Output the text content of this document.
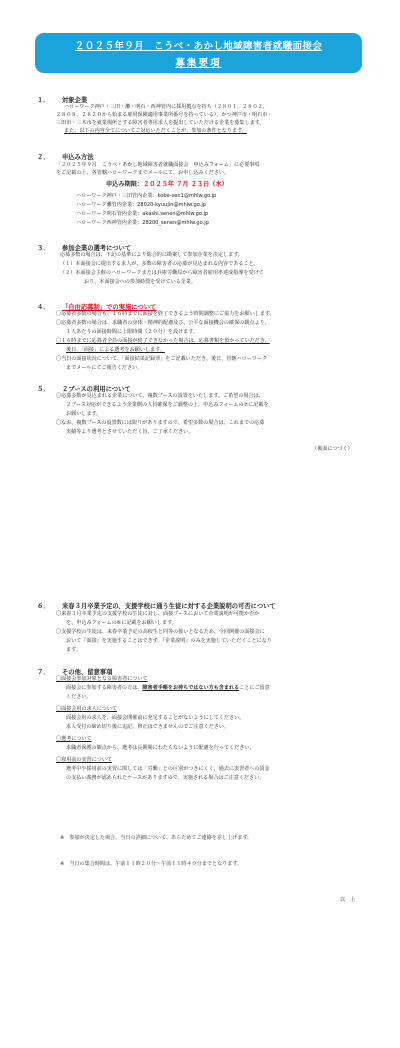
２０２５年９月　こうべ・あかし地域障害者就職面接会
募集要項
１． 対象企業
ハローワーク神戸・三田・灘・明石・西神管内に採用拠点を持ち（２８０１、２８０２、
２８０８、２８２０から始まる雇用保険適用事業所番号を持っている）、かつ神戸市・明石市・
三田市・三木市を就業場所とする障害者専用求人を提出していただける企業を募集します。
また、以下の内容全てについてご対応いただくことが、参加の条件となります。
２． 申込み方法
「２０２５年９月　こうべ・あかし地域障害者就職面接会　申込みフォーム」に必要事項
をご記載の上、各管轄ハローワークまでメールにて、お申し込みください。
申込み期限：２０２５年 ７月 ２３日（水）
ハローワーク神戸・三田管内企業：kobe-sen1@mhlw.go.jp
ハローワーク灘管内企業：28020-kyuujin@mhlw.go.jp
ハローワーク明石管内企業：akashi.senen@mhlw.go.jp
ハローワーク西神管内企業：28200_senen@mhlw.go.jp
３． 参加企業の選考について
応募多数の場合は、下記の基準により総合的に勘案して参加企業を決定します。
（１）本面接会に提出する求人が、多数の障害者の応募が見込まれる内容であること。
（２）本面接会主催のハローワークまたは兵庫労働局から障害者雇用率達成指導を受けて
おり、本面接会への参加勧奨を受けている企業。
４． 「自由応募制」での実施について
〇応募者多数の場合も、１６時までに面接を終了できるよう時間調整にご協力をお願いします。
〇応募者多数の場合は、求職者の身体・精神的配慮及び、公平な面接機会の確保の観点より、
１人あたりの面接時間に上限時間（２０分）を設けます。
〇１６時までに応募者全員の面接が終了できなかった場合は、応募書類を預かっていただき、
後日、「面接」による選考をお願いします。
〇当日の面接状況について、「面接結果記録票」をご記載いただき、後日、管轄ハローワーク
までメールにてご報告ください。
５． ２ブースの利用について
〇応募多数が見込まれる企業について、複数ブースの設置をいたします。ご希望の場合は、
２ブース対応ができるよう企業側の人員確保をご調整の上、申込みフォームの⑦に記載を
お願いします。
〇なお、複数ブースの設置数には限りがありますので、希望多数の場合は、これまでの応募
実績等より選考とさせていただく旨、ご了承ください。
（裏面につづく）
６． 来春３月卒業予定の、支援学校に通う生徒に対する企業説明の可否について
〇来春３月卒業予定の支援学校の生徒に対し、面接ブースにおいて企業説明が可能か否か
を、申込みフォームの⑥に記載をお願いします。
〇支援学校の生徒は、来春卒業予定の高校生と同等の扱いとなるため、今回開催の面接会に
おいて『面接』を実施することはできず、『企業説明』のみを実施していただくことになり
ます。
７． その他、留意事項
〇面接会参加対象となる障害者について
面接会に参加する障害者の方は、障害者手帳をお持ちではない方も含まれることにご留意
ください。
〇面接会用の求人について
面接会用の求人を、面接会開催前に充足することがないようにしてください。
求人受付の締め切り後に追記、修正はできませんのでご注意ください。
〇選考について
求職者保護の観点から、選考は長期間にわたらないように配慮を行ってください。
〇雇用前の実習について
選考中や採用前の実習に関しては「労働」との区別がつきにくく、過去に実習者への賃金
の支払い義務が認められたケースがありますので、実施される場合はご注意ください。
※　参加が決定した場合、当日の詳細について、あらためてご連絡を差し上げます。
※　当日の集合時間は、午前１１時２０分～午前１１時４０分までとなります。
以　上
